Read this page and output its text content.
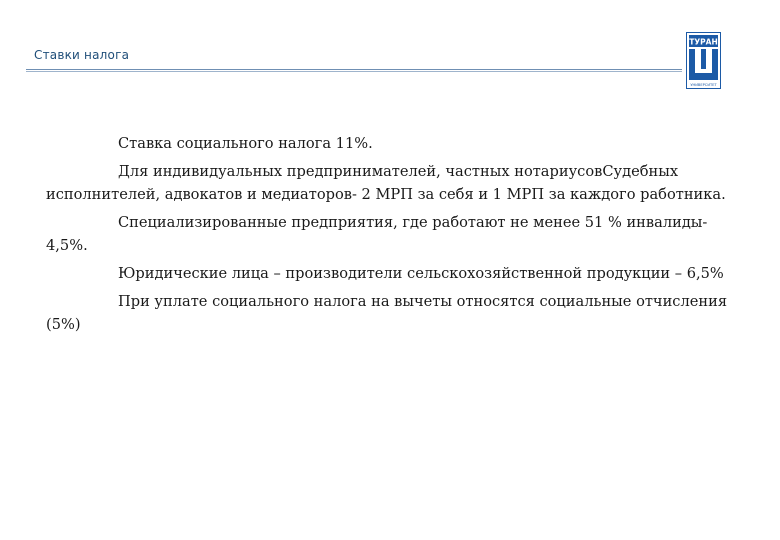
Ставки налога
ТУРАН
УНИВЕРСИТЕТ

Ставка социального налога 11%.

Для индивидуальных предпринимателей, частных нотариусовСудебных исполнителей, адвокатов и медиаторов- 2 МРП за себя и 1 МРП за каждого работника.

Специализированные предприятия, где работают не менее 51 % инвалиды- 4,5%.

Юридические лица – производители сельскохозяйственной продукции – 6,5%

При уплате социального налога на вычеты относятся социальные отчисления (5%)
